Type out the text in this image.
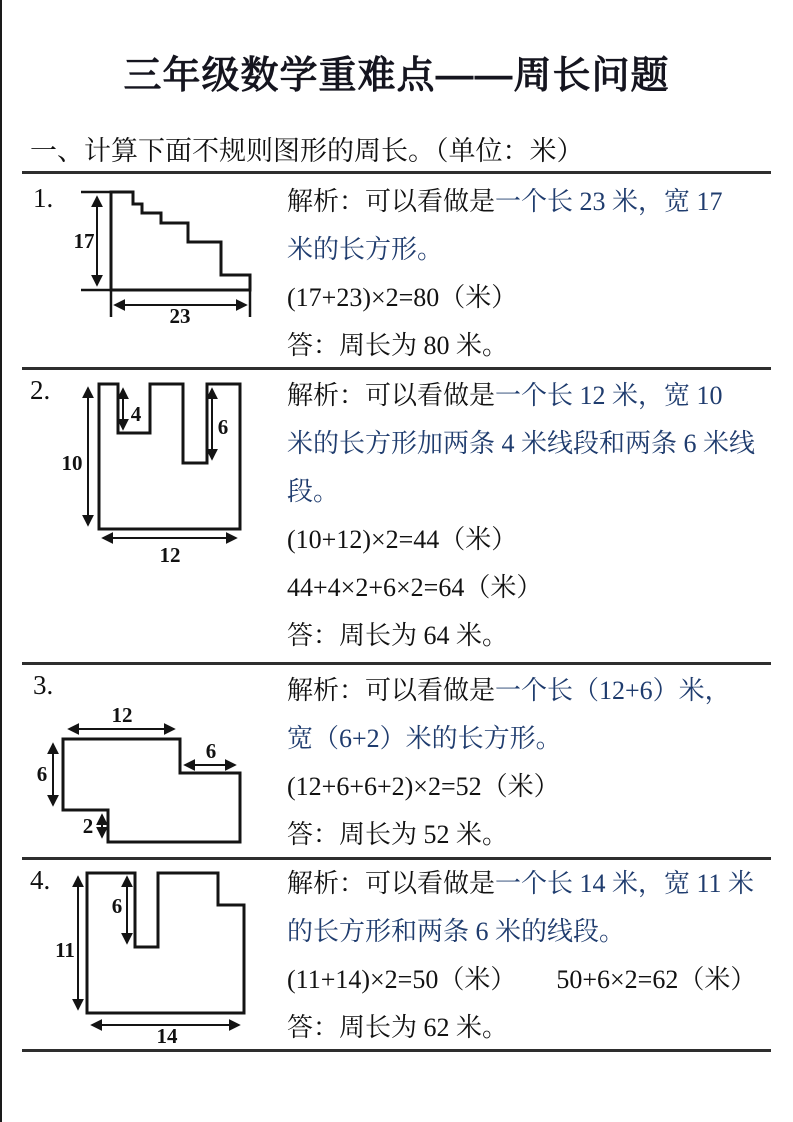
三年级数学重难点——周长问题
一、计算下面不规则图形的周长。（单位：米）
1.
17
23

解析：可以看做是一个长 23 米，宽 17 米的长方形。

(17+23)×2=80（米）

答：周长为 80 米。

2.
4
6
10
12

解析：可以看做是一个长 12 米，宽 10 米的长方形加两条 4 米线段和两条 6 米线段。

(10+12)×2=44（米）

44+4×2+6×2=64（米）

答：周长为 64 米。

3.
12
6
6
2

解析：可以看做是一个长（12+6）米，宽（6+2）米的长方形。

(12+6+6+2)×2=52（米）

答：周长为 52 米。

4.
6
11
14

解析：可以看做是一个长 14 米，宽 11 米的长方形和两条 6 米的线段。

(11+14)×2=50（米） 50+6×2=62（米）

答：周长为 62 米。
